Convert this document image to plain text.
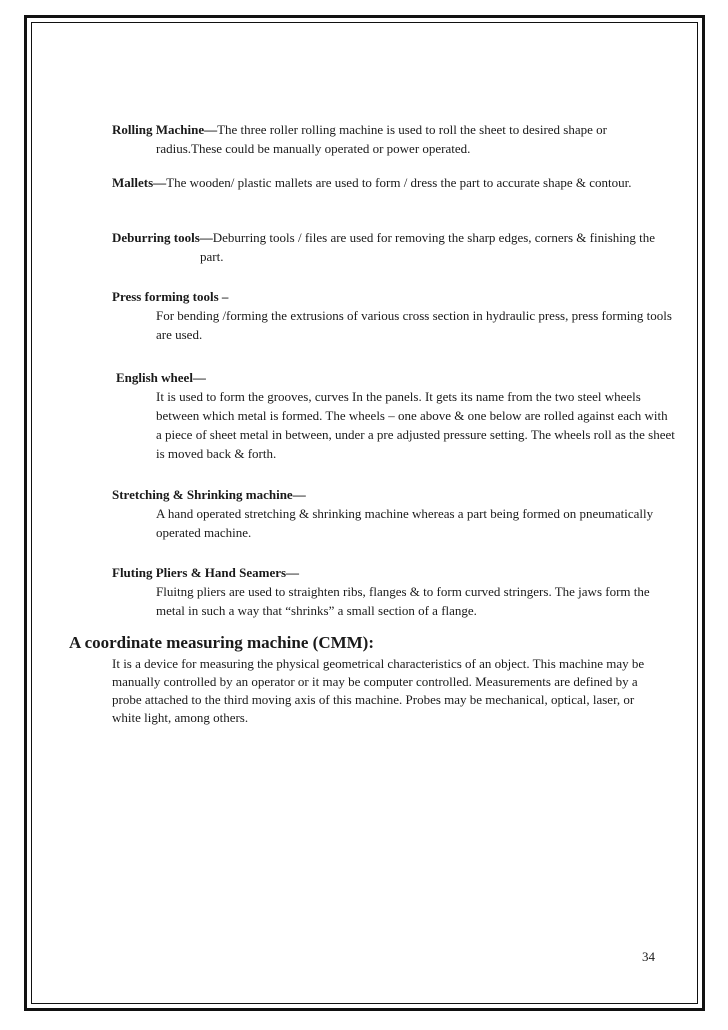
Rolling Machine—The three roller rolling machine is used to roll the sheet to desired shape or radius.These could be manually operated or power operated.

Mallets—The wooden/ plastic mallets are used to form / dress the part to accurate shape & contour.

Deburring tools—Deburring tools / files are used for removing the sharp edges, corners & finishing the part.

Press forming tools –

For bending /forming the extrusions of various cross section in hydraulic press, press forming tools are used.

English wheel—

It is used to form the grooves, curves In the panels. It gets its name from the two steel wheels between which metal is formed. The wheels – one above & one below are rolled against each with a piece of sheet metal in between, under a pre adjusted pressure setting. The wheels roll as the sheet is moved back & forth.

Stretching & Shrinking machine—

A hand operated stretching & shrinking machine whereas a part being formed on pneumatically operated machine.

Fluting Pliers & Hand Seamers—

Fluitng pliers are used to straighten ribs, flanges & to form curved stringers. The jaws form the metal in such a way that “shrinks” a small section of a flange.

A coordinate measuring machine (CMM):

It is a device for measuring the physical geometrical characteristics of an object. This machine may be manually controlled by an operator or it may be computer controlled. Measurements are defined by a probe attached to the third moving axis of this machine. Probes may be mechanical, optical, laser, or white light, among others.

34
